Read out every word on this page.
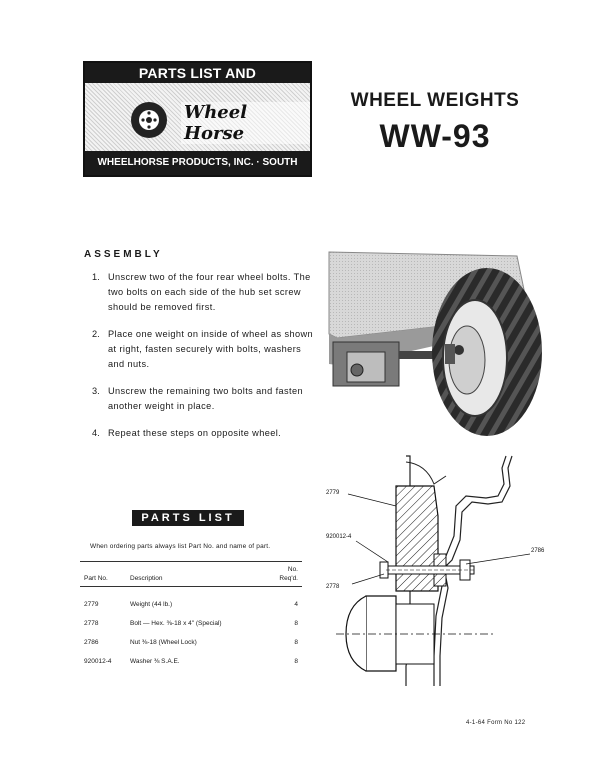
PARTS LIST AND
Wheel Horse
WHEELHORSE PRODUCTS, INC. · SOUTH BEND, IND.
WHEEL WEIGHTS
WW-93
ASSEMBLY
1. Unscrew two of the four rear wheel bolts. The two bolts on each side of the hub set screw should be removed first.
2. Place one weight on inside of wheel as shown at right, fasten securely with bolts, washers and nuts.
3. Unscrew the remaining two bolts and fasten another weight in place.
4. Repeat these steps on opposite wheel.
PARTS LIST
When ordering parts always list Part No. and name of part.
Part No.	Description	No. Req'd.

2779	Weight (44 lb.)	4
2778	Bolt — Hex. ⅜-18 x 4" (Special)	8
2786	Nut ⅜-18 (Wheel Lock)	8
920012-4	Washer ⅜ S.A.E.	8
2779
920012-4
2786
2778
4-1-64 Form No 122
